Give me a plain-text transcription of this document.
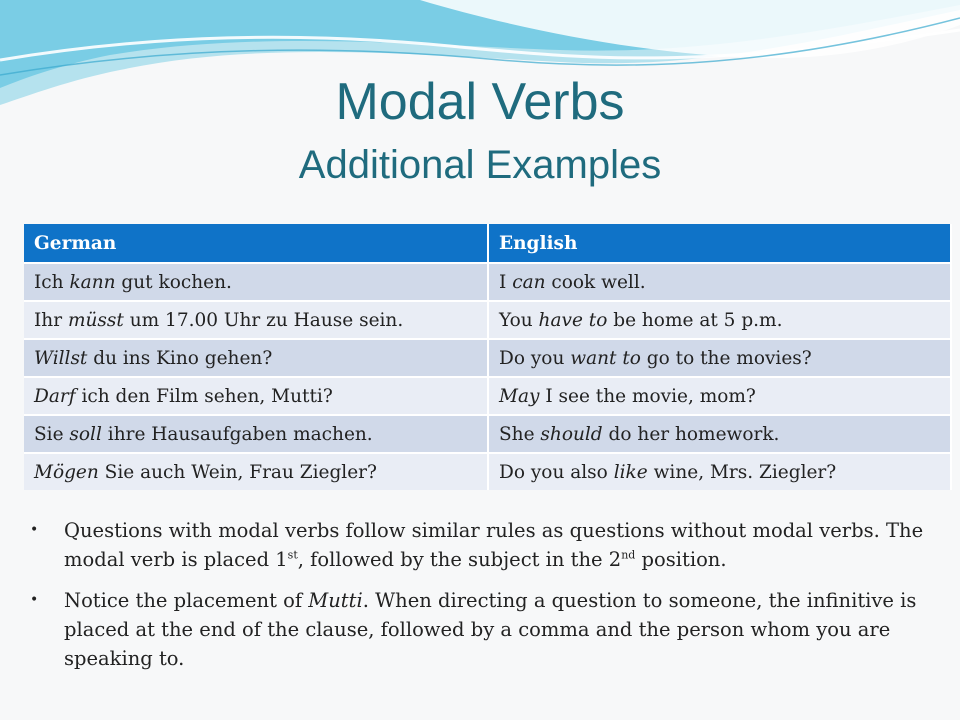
Modal Verbs
Additional Examples
German	English
Ich kann gut kochen.	I can cook well.
Ihr müsst um 17.00 Uhr zu Hause sein.	You have to be home at 5 p.m.
Willst du ins Kino gehen?	Do you want to go to the movies?
Darf ich den Film sehen, Mutti?	May I see the movie, mom?
Sie soll ihre Hausaufgaben machen.	She should do her homework.
Mögen Sie auch Wein, Frau Ziegler?	Do you also like wine, Mrs. Ziegler?
• Questions with modal verbs follow similar rules as questions without modal verbs. The modal verb is placed 1st, followed by the subject in the 2nd position.
• Notice the placement of Mutti. When directing a question to someone, the infinitive is placed at the end of the clause, followed by a comma and the person whom you are speaking to.
